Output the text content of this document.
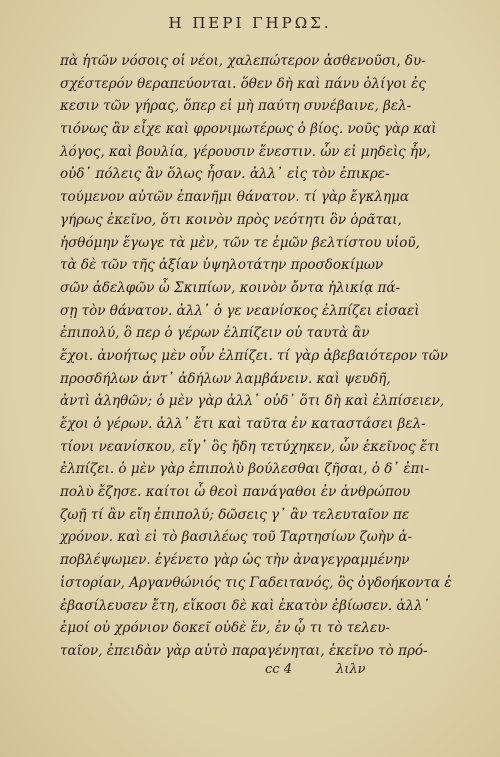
Η ΠΕΡΙ ΓΗΡΩΣ.
πὰ ἡτῶν νόσοις οἱ νέοι, χαλεπώτερον ἀσθενοῦσι, δυ-
σχέστερόν θεραπεύονται. ὅθεν δὴ καὶ πάνυ ὀλίγοι ἐς
κεσιν τῶν γήρας, ὅπερ εἰ μὴ παύτη συνέβαινε, βελ-
τιόνως ἂν εἶχε καὶ φρονιμωτέρως ὁ βίος. νοῦς γὰρ καὶ
λόγος, καὶ βουλία, γέρουσιν ἔνεστιν. ὧν εἰ μηδεὶς ἦν,
οὐδ᾽ πόλεις ἂν ὅλως ἦσαν. ἀλλ᾽ εἰς τὸν ἐπικρε-
τούμενον αὐτῶν ἐπανῆμι θάνατον. τί γὰρ ἔγκλημα
γήρως ἐκεῖνο, ὅτι κοινὸν πρὸς νεότητι ὃν ὁρᾶται,
ἡσθόμην ἔγωγε τὰ μὲν, τῶν τε ἐμῶν βελτίστου υἱοῦ,
τὰ δὲ τῶν τῆς ἀξίαν ὑψηλοτάτην προσδοκίμων
σῶν ἀδελφῶν ὦ Σκιπίων, κοινὸν ὄντα ἡλικίᾳ πά-
σῃ τὸν θάνατον. ἀλλ᾽ ὁ γε νεανίσκος ἐλπίζει εἰσαεὶ
ἐπιπολύ, ὃ περ ὁ γέρων ἐλπίζειν οὐ ταυτὰ ἂν
ἔχοι. ἀνοήτως μὲν οὖν ἐλπίζει. τί γὰρ ἀβεβαιότερον τῶν
προσδήλων ἀντ᾽ ἀδήλων λαμβάνειν. καὶ ψευδῆ,
ἀντὶ ἀληθῶν; ὁ μὲν γὰρ ἀλλ᾽ οὐδ᾽ ὅτι δὴ καὶ ἐλπίσειεν,
ἔχοι ὁ γέρων. ἀλλ᾽ ἔτι καὶ ταῦτα ἐν καταστάσει βελ-
τίονι νεανίσκου, εἴγ᾽ ὃς ἤδη τετύχηκεν, ὧν ἐκεῖνος ἔτι
ἐλπίζει. ὁ μὲν γὰρ ἐπιπολὺ βούλεσθαι ζῆσαι, ὁ δ᾽ ἐπι-
πολὺ ἔζησε. καίτοι ὦ θεοὶ πανάγαθοι ἐν ἀνθρώπου
ζωῇ τί ἂν εἴη ἐπιπολύ; δῶσεις γ᾽ ἂν τελευταῖον πε
χρόνον. καὶ εἰ τὸ βασιλέως τοῦ Ταρτησίων ζωὴν ἀ-
ποβλέψωμεν. ἐγένετο γὰρ ὡς τὴν ἀναγεγραμμένην
ἱστορίαν, Αργανθώνιός τις Γαδειτανός, ὃς ὀγδοήκοντα ἐ
ἐβασίλευσεν ἔτη, εἴκοσι δὲ καὶ ἑκατὸν ἐβίωσεν. ἀλλ᾽
ἐμοί οὐ χρόνιον δοκεῖ οὐδὲ ἕν, ἐν ᾧ τι τὸ τελευ-
ταῖον, ἐπειδὰν γὰρ αὐτὸ παραγένηται, ἐκεῖνο τὸ πρό-
cc 4	λιλν
